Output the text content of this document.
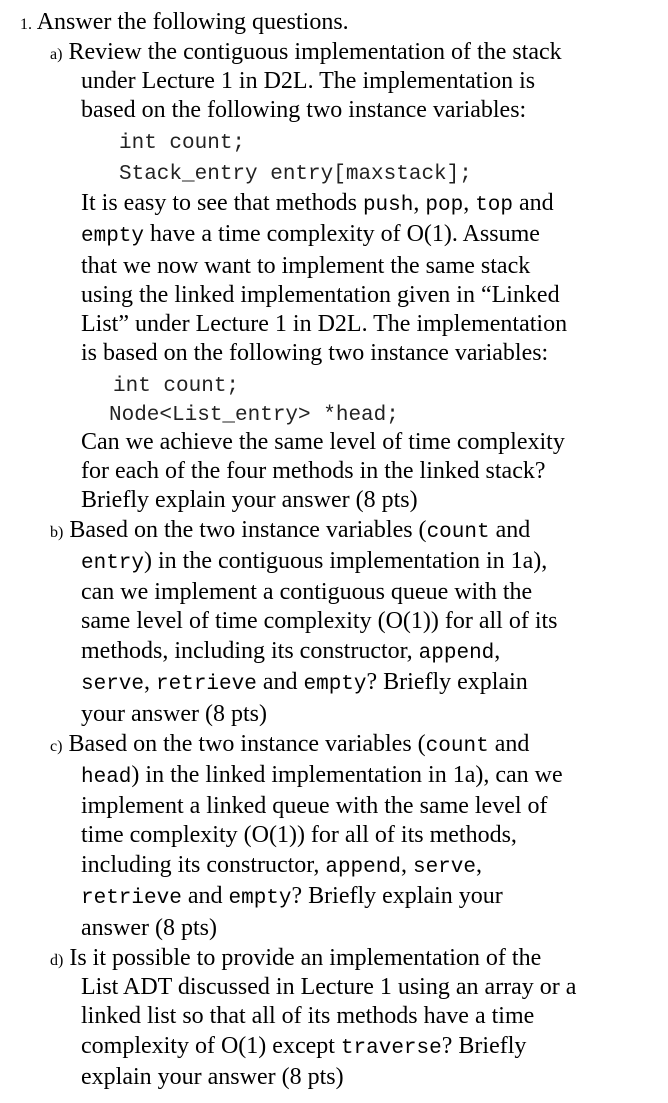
1. Answer the following questions.
a) Review the contiguous implementation of the stack
under Lecture 1 in D2L. The implementation is
based on the following two instance variables:
int count;
Stack_entry entry[maxstack];
It is easy to see that methods push, pop, top and
empty have a time complexity of O(1). Assume
that we now want to implement the same stack
using the linked implementation given in “Linked
List” under Lecture 1 in D2L. The implementation
is based on the following two instance variables:
int count;
Node<List_entry> *head;
Can we achieve the same level of time complexity
for each of the four methods in the linked stack?
Briefly explain your answer (8 pts)
b) Based on the two instance variables (count and
entry) in the contiguous implementation in 1a),
can we implement a contiguous queue with the
same level of time complexity (O(1)) for all of its
methods, including its constructor, append,
serve, retrieve and empty? Briefly explain
your answer (8 pts)
c) Based on the two instance variables (count and
head) in the linked implementation in 1a), can we
implement a linked queue with the same level of
time complexity (O(1)) for all of its methods,
including its constructor, append, serve,
retrieve and empty? Briefly explain your
answer (8 pts)
d) Is it possible to provide an implementation of the
List ADT discussed in Lecture 1 using an array or a
linked list so that all of its methods have a time
complexity of O(1) except traverse? Briefly
explain your answer (8 pts)
